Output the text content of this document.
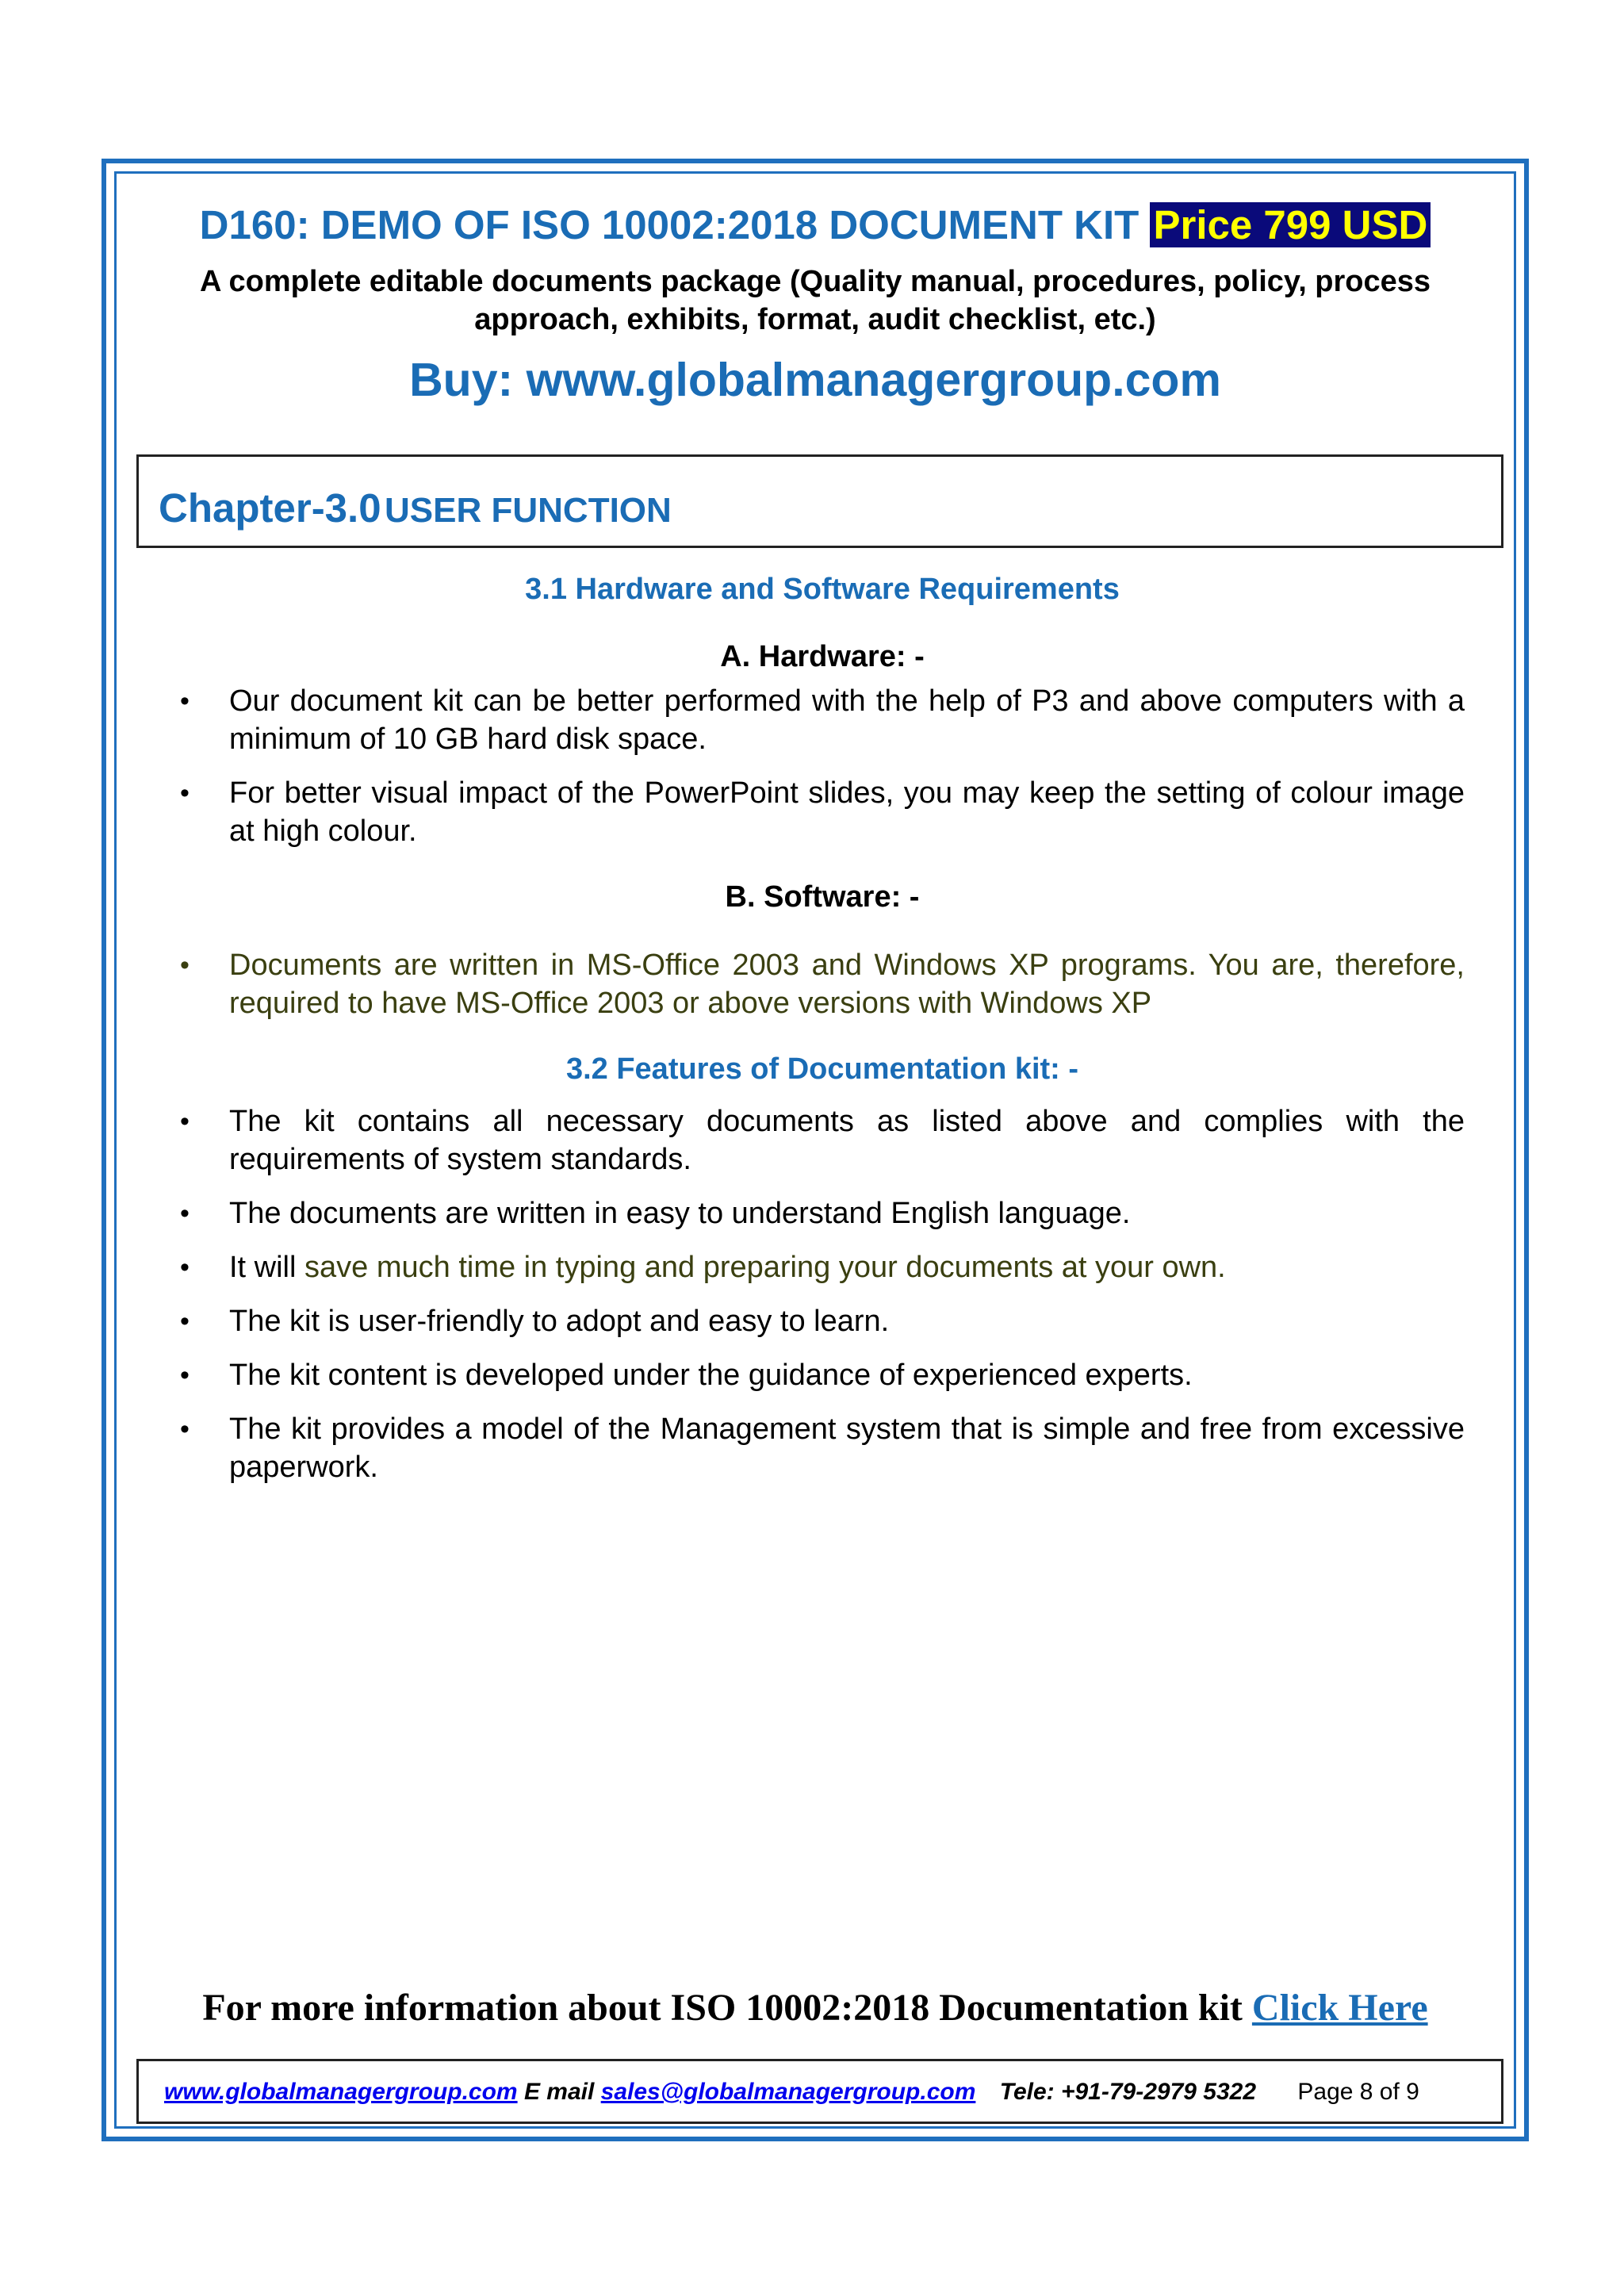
D160: DEMO OF ISO 10002:2018 DOCUMENT KIT Price 799 USD
A complete editable documents package (Quality manual, procedures, policy, process approach, exhibits, format, audit checklist, etc.)
Buy: www.globalmanagergroup.com
Chapter-3.0 USER FUNCTION
3.1 Hardware and Software Requirements
A. Hardware: -
• Our document kit can be better performed with the help of P3 and above computers with a minimum of 10 GB hard disk space.
• For better visual impact of the PowerPoint slides, you may keep the setting of colour image at high colour.
B. Software: -
• Documents are written in MS-Office 2003 and Windows XP programs. You are, therefore, required to have MS-Office 2003 or above versions with Windows XP
3.2 Features of Documentation kit: -
• The kit contains all necessary documents as listed above and complies with the requirements of system standards.
• The documents are written in easy to understand English language.
• It will save much time in typing and preparing your documents at your own.
• The kit is user-friendly to adopt and easy to learn.
• The kit content is developed under the guidance of experienced experts.
• The kit provides a model of the Management system that is simple and free from excessive paperwork.
For more information about ISO 10002:2018 Documentation kit Click Here
www.globalmanagergroup.com E mail sales@globalmanagergroup.com Tele: +91-79-2979 5322 Page 8 of 9
